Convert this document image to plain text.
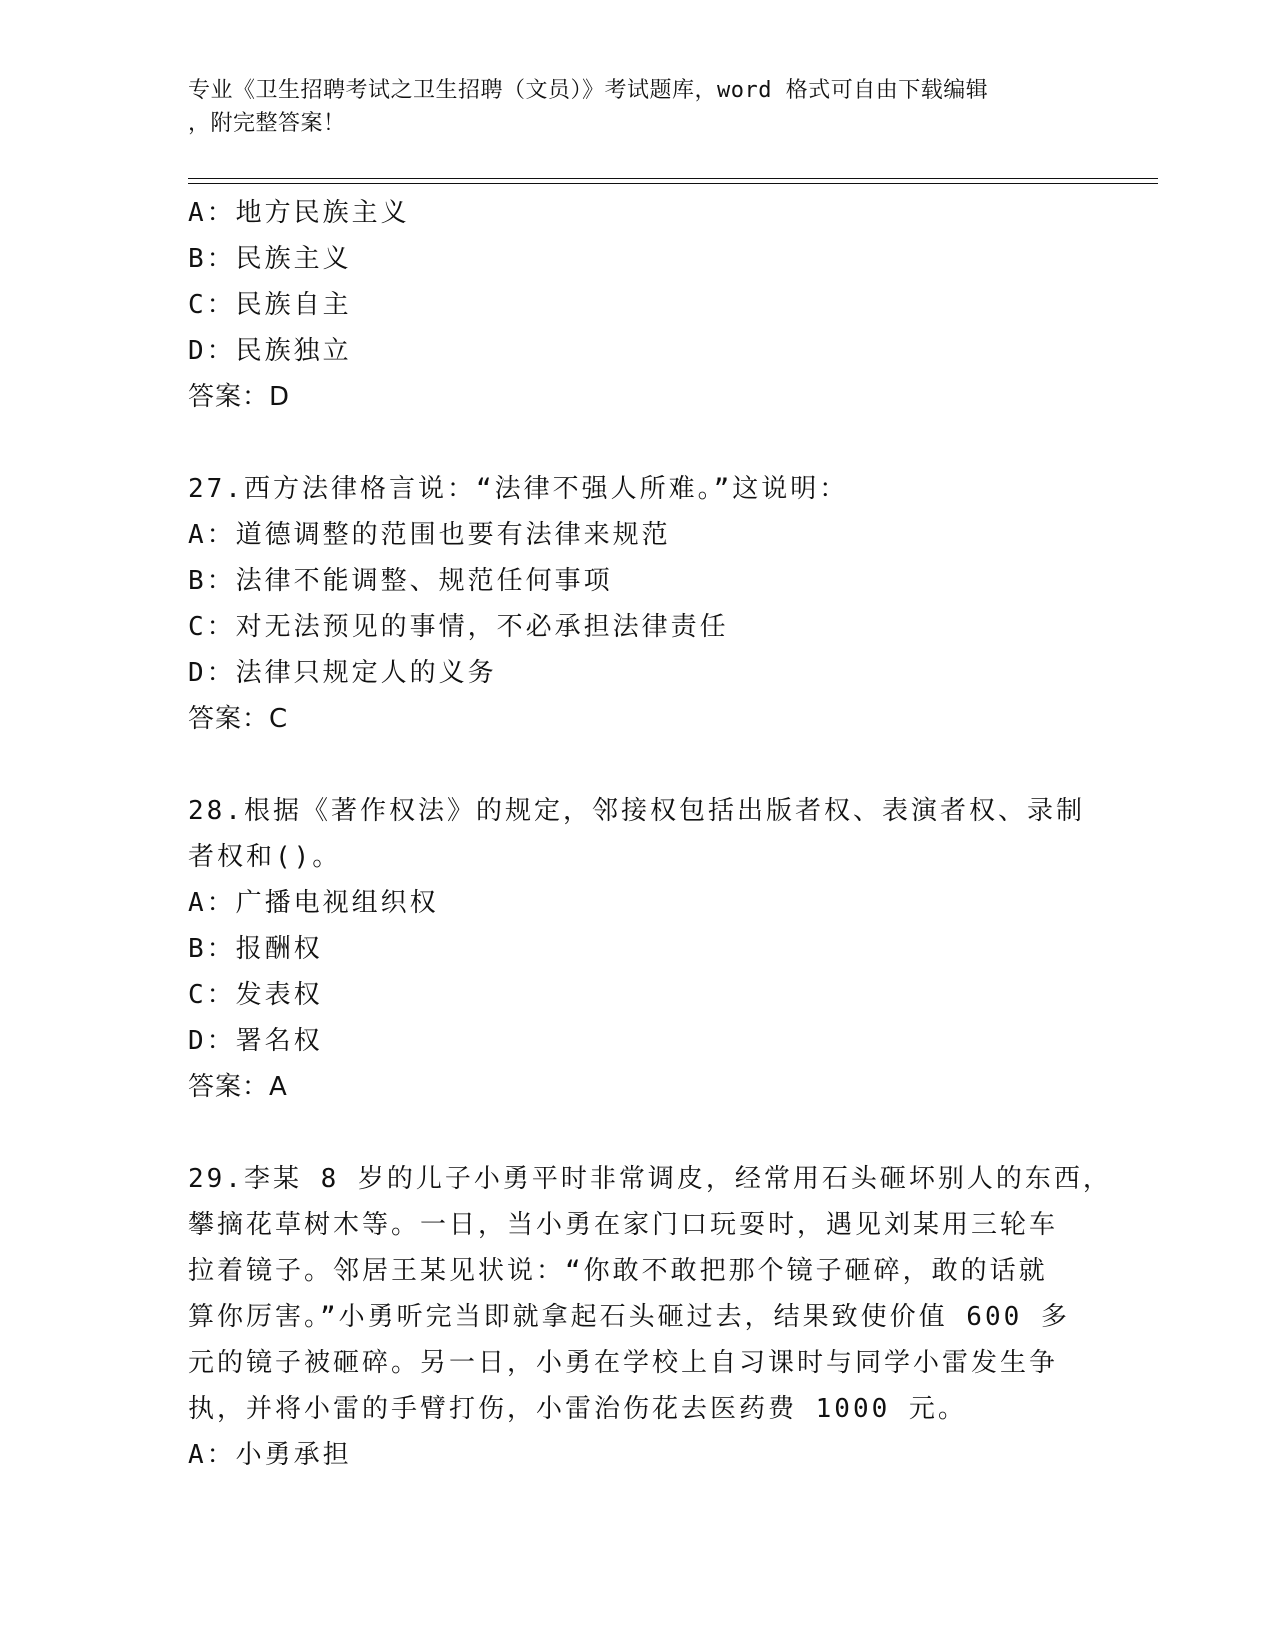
专业《卫生招聘考试之卫生招聘（文员）》考试题库，word 格式可自由下载编辑
，附完整答案！
A：地方民族主义
B：民族主义
C：民族自主
D：民族独立
答案：D
27.西方法律格言说：“法律不强人所难。”这说明：
A：道德调整的范围也要有法律来规范
B：法律不能调整、规范任何事项
C：对无法预见的事情，不必承担法律责任
D：法律只规定人的义务
答案：C
28.根据《著作权法》的规定，邻接权包括出版者权、表演者权、录制
者权和()。
A：广播电视组织权
B：报酬权
C：发表权
D：署名权
答案：A
29.李某 8 岁的儿子小勇平时非常调皮，经常用石头砸坏别人的东西，
攀摘花草树木等。一日，当小勇在家门口玩耍时，遇见刘某用三轮车
拉着镜子。邻居王某见状说：“你敢不敢把那个镜子砸碎，敢的话就
算你厉害。”小勇听完当即就拿起石头砸过去，结果致使价值 600 多
元的镜子被砸碎。另一日，小勇在学校上自习课时与同学小雷发生争
执，并将小雷的手臂打伤，小雷治伤花去医药费 1000 元。
A：小勇承担
